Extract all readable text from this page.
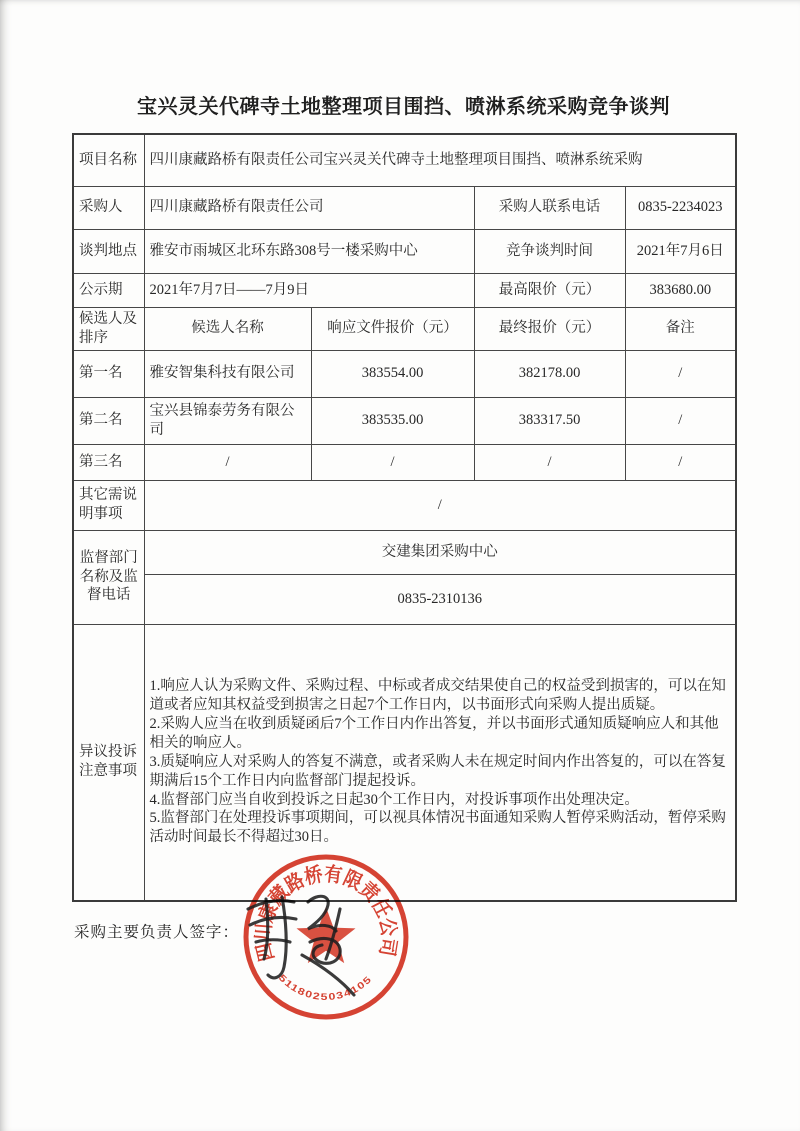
宝兴灵关代碑寺土地整理项目围挡、喷淋系统采购竞争谈判
项目名称	四川康藏路桥有限责任公司宝兴灵关代碑寺土地整理项目围挡、喷淋系统采购			
采购人	四川康藏路桥有限责任公司		采购人联系电话	0835-2234023
谈判地点	雅安市雨城区北环东路308号一楼采购中心		竞争谈判时间	2021年7月6日
公示期	2021年7月7日——7月9日		最高限价（元）	383680.00
候选人及排序	候选人名称	响应文件报价（元）	最终报价（元）	备注
第一名	雅安智集科技有限公司	383554.00	382178.00	/
第二名	宝兴县锦泰劳务有限公司	383535.00	383317.50	/
第三名	/	/	/	/
其它需说明事项	/			
监督部门名称及监督电话	交建集团采购中心			
	0835-2310136			
异议投诉注意事项	1.响应人认为采购文件、采购过程、中标或者成交结果使自己的权益受到损害的，可以在知道或者应知其权益受到损害之日起7个工作日内，以书面形式向采购人提出质疑。

2.采购人应当在收到质疑函后7个工作日内作出答复，并以书面形式通知质疑响应人和其他相关的响应人。

3.质疑响应人对采购人的答复不满意，或者采购人未在规定时间内作出答复的，可以在答复期满后15个工作日内向监督部门提起投诉。

4.监督部门应当自收到投诉之日起30个工作日内，对投诉事项作出处理决定。

5.监督部门在处理投诉事项期间，可以视具体情况书面通知采购人暂停采购活动，暂停采购活动时间最长不得超过30日。			

采购主要负责人签字：
四川康藏路桥有限责任公司
5118025034105
